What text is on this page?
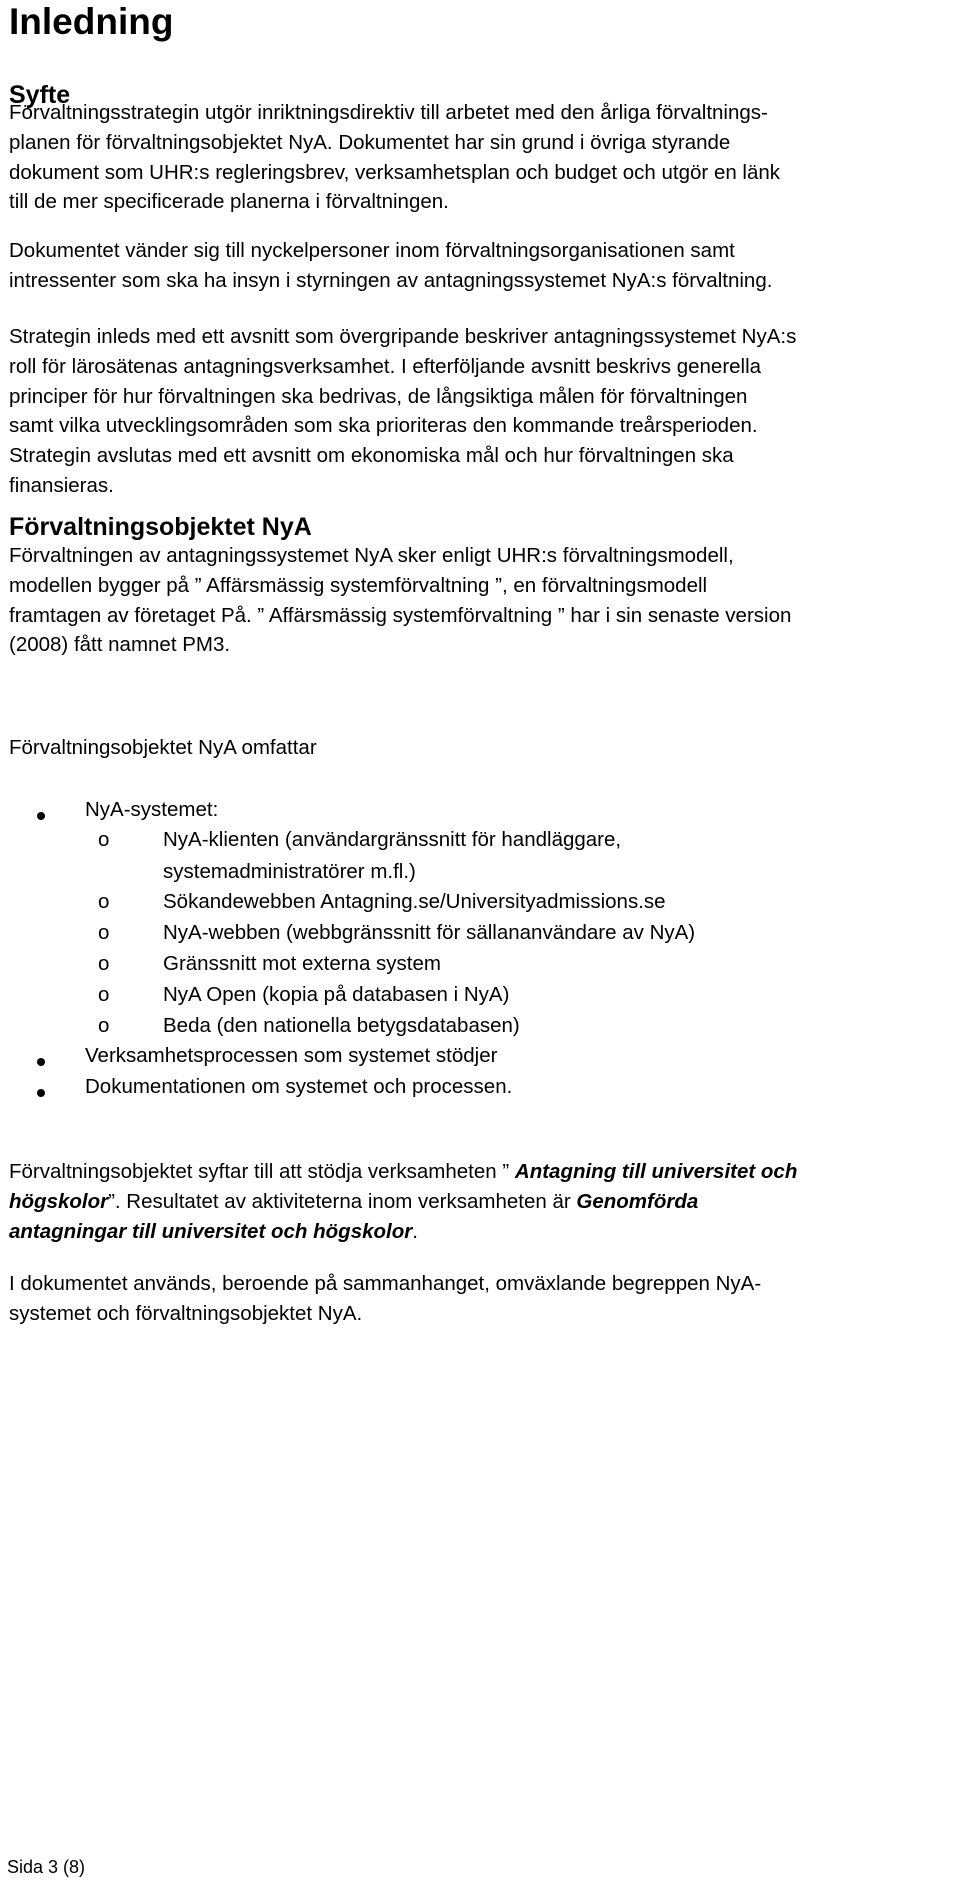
Inledning
Syfte
Förvaltningsstrategin utgör inriktningsdirektiv till arbetet med den årliga förvaltnings-
planen för förvaltningsobjektet NyA. Dokumentet har sin grund i övriga styrande
dokument som UHR:s regleringsbrev, verksamhetsplan och budget och utgör en länk
till de mer specificerade planerna i förvaltningen.
Dokumentet vänder sig till nyckelpersoner inom förvaltningsorganisationen samt
intressenter som ska ha insyn i styrningen av antagningssystemet NyA:s förvaltning.
Strategin inleds med ett avsnitt som övergripande beskriver antagningssystemet NyA:s
roll för lärosätenas antagningsverksamhet. I efterföljande avsnitt beskrivs generella
principer för hur förvaltningen ska bedrivas, de långsiktiga målen för förvaltningen
samt vilka utvecklingsområden som ska prioriteras den kommande treårsperioden.
Strategin avslutas med ett avsnitt om ekonomiska mål och hur förvaltningen ska
finansieras.
Förvaltningsobjektet NyA
Förvaltningen av antagningssystemet NyA sker enligt UHR:s förvaltningsmodell,
modellen bygger på ” Affärsmässig systemförvaltning ”, en förvaltningsmodell
framtagen av företaget På. ” Affärsmässig systemförvaltning ” har i sin senaste version
(2008) fått namnet PM3.
Förvaltningsobjektet NyA omfattar
NyA-systemet:
o	NyA-klienten (användargränssnitt för handläggare,
systemadministratörer m.fl.)
o	Sökandewebben Antagning.se/Universityadmissions.se
o	NyA-webben (webbgränssnitt för sällananvändare av NyA)
o	Gränssnitt mot externa system
o	NyA Open (kopia på databasen i NyA)
o	Beda (den nationella betygsdatabasen)
Verksamhetsprocessen som systemet stödjer
Dokumentationen om systemet och processen.
Förvaltningsobjektet syftar till att stödja verksamheten ” Antagning till universitet och
högskolor”. Resultatet av aktiviteterna inom verksamheten är Genomförda
antagningar till universitet och högskolor.
I dokumentet används, beroende på sammanhanget, omväxlande begreppen NyA-
systemet och förvaltningsobjektet NyA.
Sida 3 (8)
